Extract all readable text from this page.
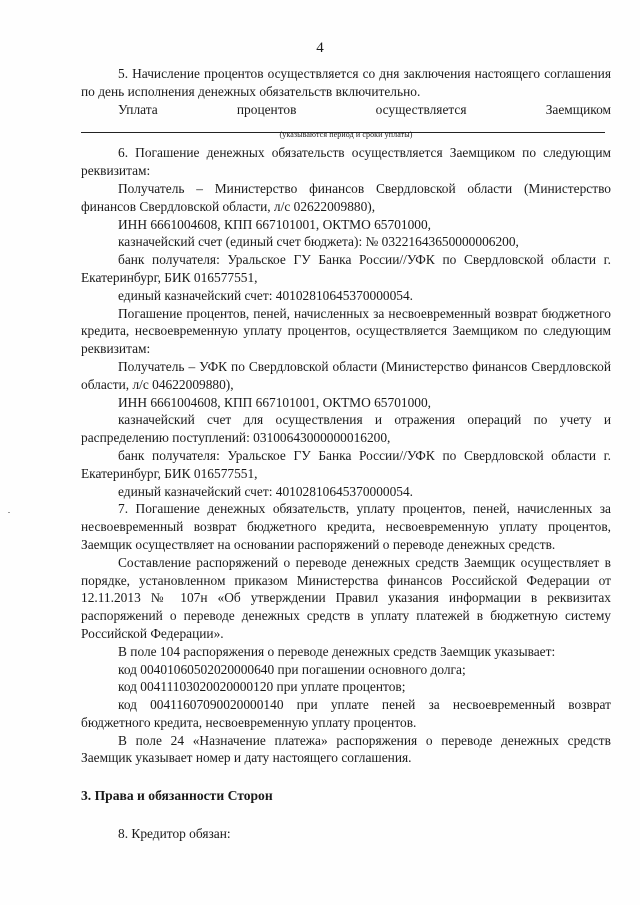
4

5. Начисление процентов осуществляется со дня заключения настоящего соглашения по день исполнения денежных обязательств включительно.

Уплата процентов осуществляется Заемщиком

(указываются период и сроки уплаты)

6. Погашение денежных обязательств осуществляется Заемщиком по следующим реквизитам:

Получатель – Министерство финансов Свердловской области (Министерство финансов Свердловской области, л/с 02622009880),

ИНН 6661004608, КПП 667101001, ОКТМО 65701000,

казначейский счет (единый счет бюджета): № 03221643650000006200,

банк получателя: Уральское ГУ Банка России//УФК по Свердловской области г. Екатеринбург, БИК 016577551,

единый казначейский счет: 40102810645370000054.

Погашение процентов, пеней, начисленных за несвоевременный возврат бюджетного кредита, несвоевременную уплату процентов, осуществляется Заемщиком по следующим реквизитам:

Получатель – УФК по Свердловской области (Министерство финансов Свердловской области, л/с 04622009880),

ИНН 6661004608, КПП 667101001, ОКТМО 65701000,

казначейский счет для осуществления и отражения операций по учету и распределению поступлений: 03100643000000016200,

банк получателя: Уральское ГУ Банка России//УФК по Свердловской области г. Екатеринбург, БИК 016577551,

единый казначейский счет: 40102810645370000054.

7. Погашение денежных обязательств, уплату процентов, пеней, начисленных за несвоевременный возврат бюджетного кредита, несвоевременную уплату процентов, Заемщик осуществляет на основании распоряжений о переводе денежных средств.

Составление распоряжений о переводе денежных средств Заемщик осуществляет в порядке, установленном приказом Министерства финансов Российской Федерации от 12.11.2013 № 107н «Об утверждении Правил указания информации в реквизитах распоряжений о переводе денежных средств в уплату платежей в бюджетную систему Российской Федерации».

В поле 104 распоряжения о переводе денежных средств Заемщик указывает:

код 00401060502020000640 при погашении основного долга;

код 00411103020020000120 при уплате процентов;

код 00411607090020000140 при уплате пеней за несвоевременный возврат бюджетного кредита, несвоевременную уплату процентов.

В поле 24 «Назначение платежа» распоряжения о переводе денежных средств Заемщик указывает номер и дату настоящего соглашения.

3. Права и обязанности Сторон

8. Кредитор обязан:
